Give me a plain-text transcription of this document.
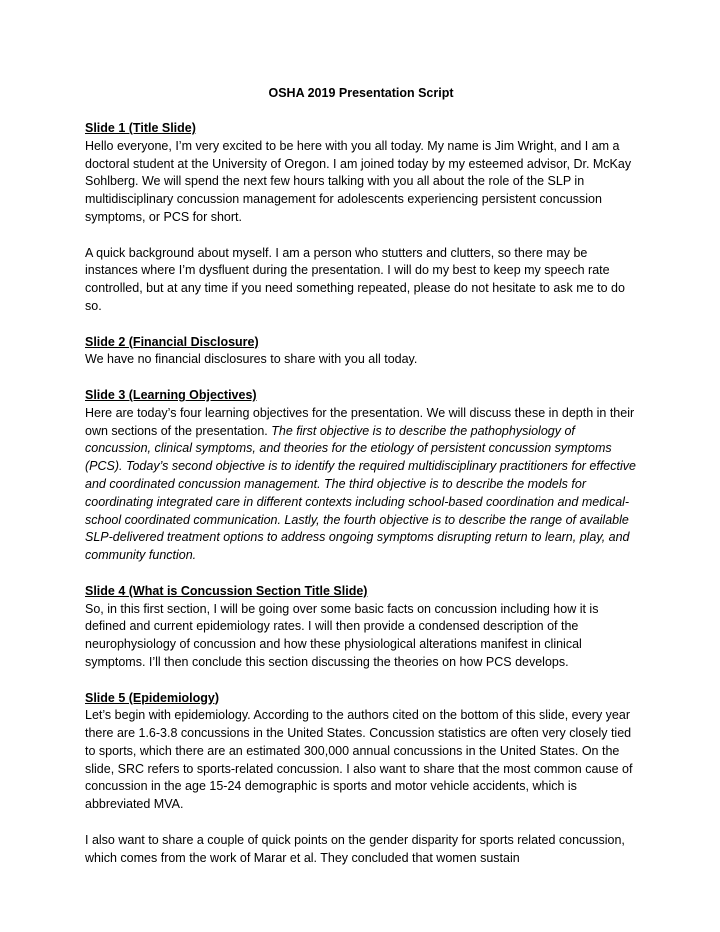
OSHA 2019 Presentation Script
Slide 1 (Title Slide)

Hello everyone, I’m very excited to be here with you all today. My name is Jim Wright, and I am a doctoral student at the University of Oregon. I am joined today by my esteemed advisor, Dr. McKay Sohlberg. We will spend the next few hours talking with you all about the role of the SLP in multidisciplinary concussion management for adolescents experiencing persistent concussion symptoms, or PCS for short.

A quick background about myself. I am a person who stutters and clutters, so there may be instances where I’m dysfluent during the presentation. I will do my best to keep my speech rate controlled, but at any time if you need something repeated, please do not hesitate to ask me to do so.

Slide 2 (Financial Disclosure)

We have no financial disclosures to share with you all today.

Slide 3 (Learning Objectives)

Here are today’s four learning objectives for the presentation. We will discuss these in depth in their own sections of the presentation. The first objective is to describe the pathophysiology of concussion, clinical symptoms, and theories for the etiology of persistent concussion symptoms (PCS). Today’s second objective is to identify the required multidisciplinary practitioners for effective and coordinated concussion management. The third objective is to describe the models for coordinating integrated care in different contexts including school-based coordination and medical-school coordinated communication. Lastly, the fourth objective is to describe the range of available SLP-delivered treatment options to address ongoing symptoms disrupting return to learn, play, and community function.

Slide 4 (What is Concussion Section Title Slide)

So, in this first section, I will be going over some basic facts on concussion including how it is defined and current epidemiology rates. I will then provide a condensed description of the neurophysiology of concussion and how these physiological alterations manifest in clinical symptoms. I’ll then conclude this section discussing the theories on how PCS develops.

Slide 5 (Epidemiology)

Let’s begin with epidemiology. According to the authors cited on the bottom of this slide, every year there are 1.6-3.8 concussions in the United States. Concussion statistics are often very closely tied to sports, which there are an estimated 300,000 annual concussions in the United States. On the slide, SRC refers to sports-related concussion. I also want to share that the most common cause of concussion in the age 15-24 demographic is sports and motor vehicle accidents, which is abbreviated MVA.

I also want to share a couple of quick points on the gender disparity for sports related concussion, which comes from the work of Marar et al. They concluded that women sustain
